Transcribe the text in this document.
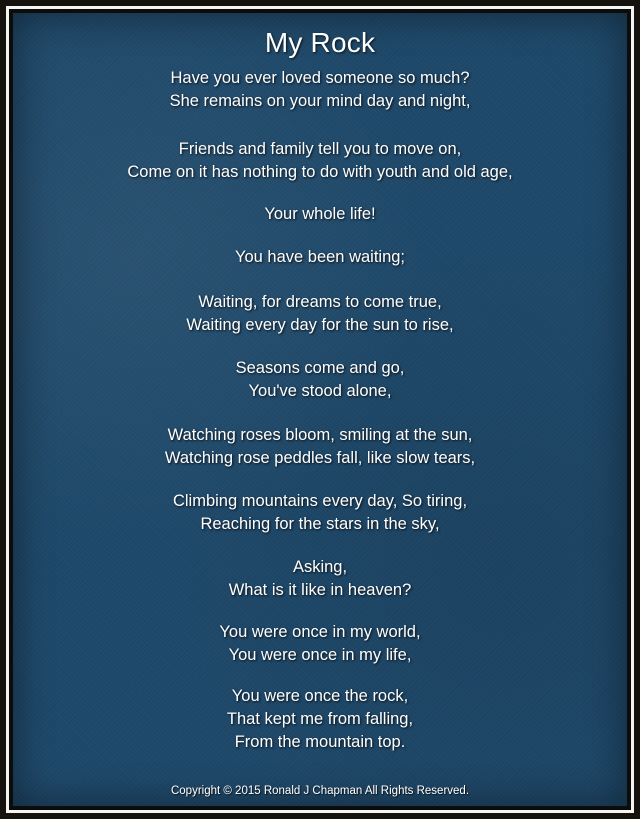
My Rock
Have you ever loved someone so much?
She remains on your mind day and night,
Friends and family tell you to move on,
Come on it has nothing to do with youth and old age,
Your whole life!
You have been waiting;
Waiting, for dreams to come true,
Waiting every day for the sun to rise,
Seasons come and go,
You've stood alone,
Watching roses bloom, smiling at the sun,
Watching rose peddles fall, like slow tears,
Climbing mountains every day, So tiring,
Reaching for the stars in the sky,
Asking,
What is it like in heaven?
You were once in my world,
You were once in my life,
You were once the rock,
That kept me from falling,
From the mountain top.
Copyright © 2015 Ronald J Chapman All Rights Reserved.
